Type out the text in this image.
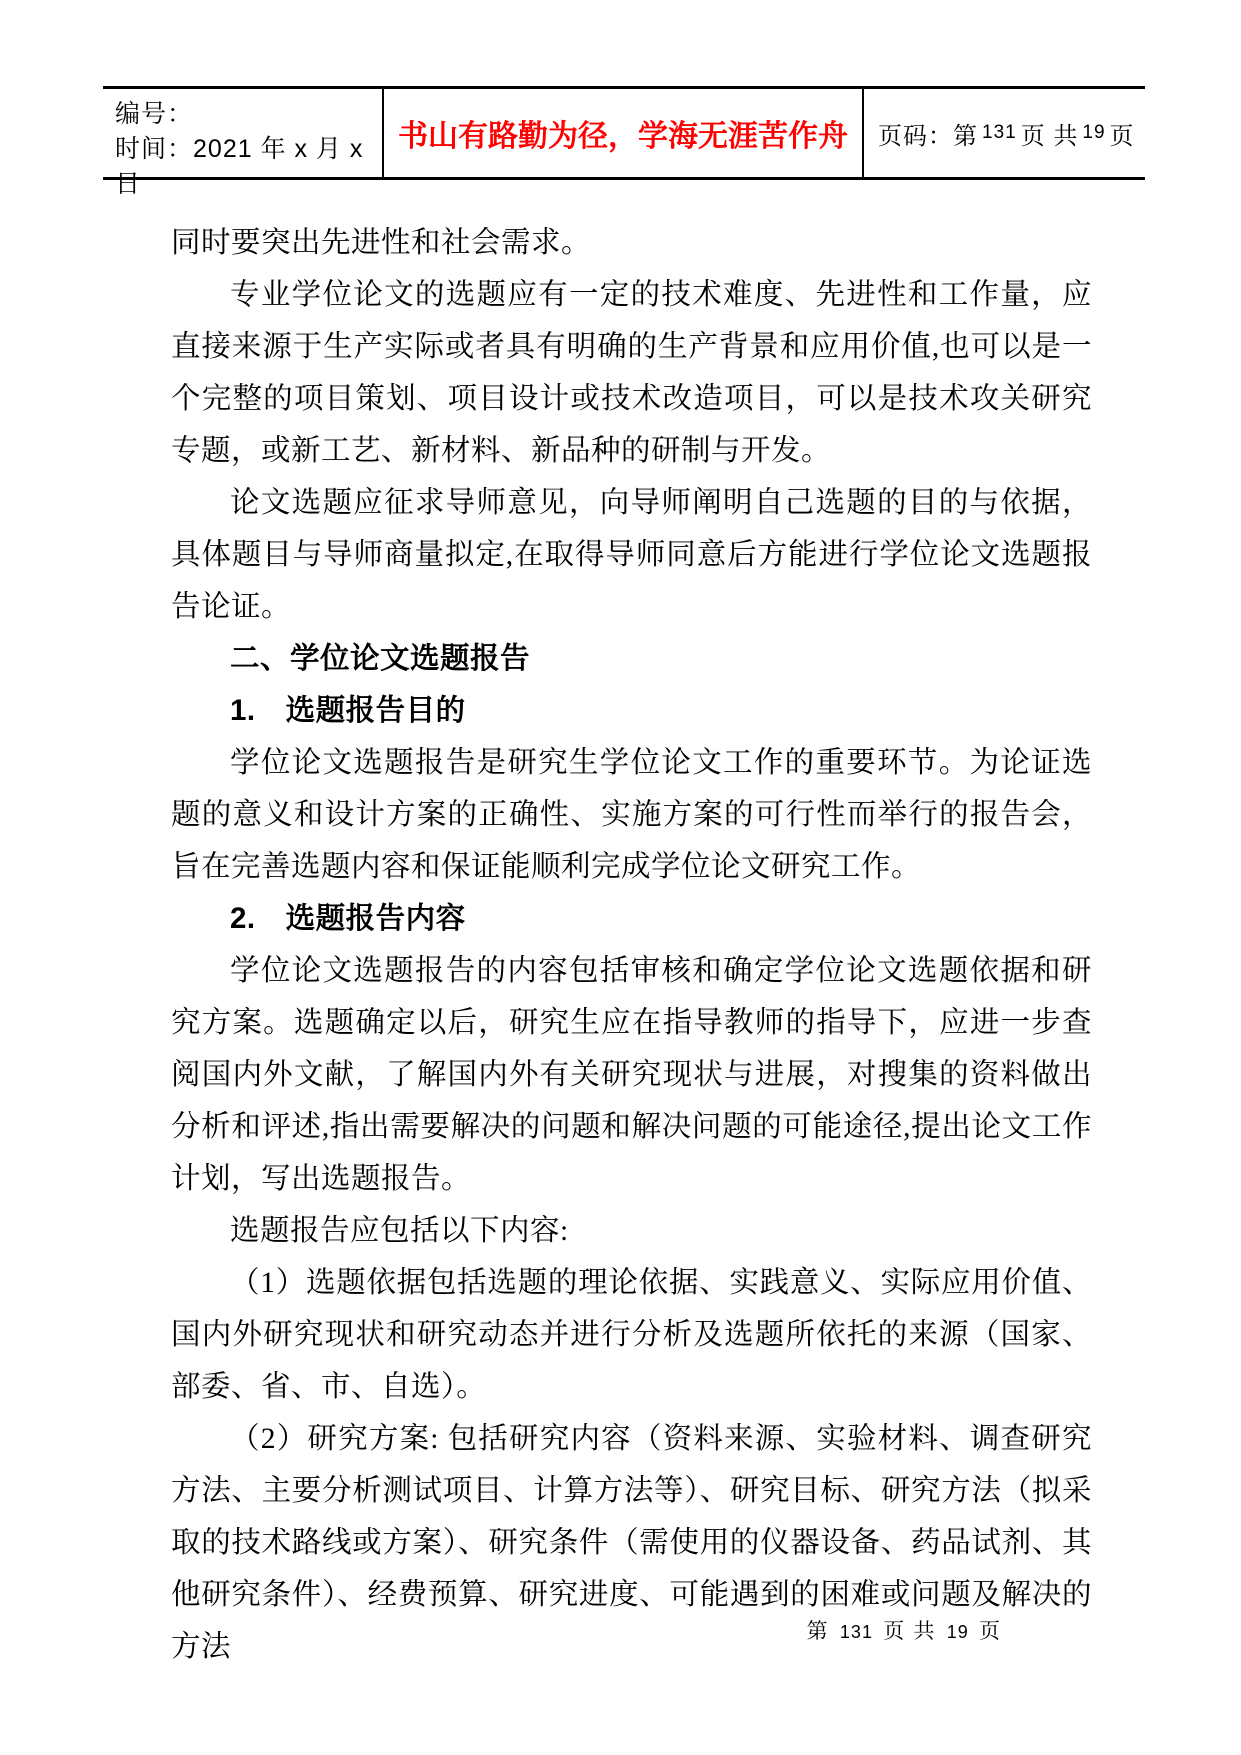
编号：
时间：2021 年 x 月 x 日
书山有路勤为径，学海无涯苦作舟 页码：第 131 页
共 19 页

同时要突出先进性和社会需求。

专业学位论文的选题应有一定的技术难度、先进性和工作量，应直接来源于生产实际或者具有明确的生产背景和应用价值,也可以是一个完整的项目策划、项目设计或技术改造项目，可以是技术攻关研究专题，或新工艺、新材料、新品种的研制与开发。

论文选题应征求导师意见，向导师阐明自己选题的目的与依据，具体题目与导师商量拟定,在取得导师同意后方能进行学位论文选题报告论证。

二、学位论文选题报告

1.　选题报告目的

学位论文选题报告是研究生学位论文工作的重要环节。为论证选题的意义和设计方案的正确性、实施方案的可行性而举行的报告会，旨在完善选题内容和保证能顺利完成学位论文研究工作。

2.　选题报告内容

学位论文选题报告的内容包括审核和确定学位论文选题依据和研究方案。选题确定以后，研究生应在指导教师的指导下，应进一步查阅国内外文献，了解国内外有关研究现状与进展，对搜集的资料做出分析和评述,指出需要解决的问题和解决问题的可能途径,提出论文工作计划，写出选题报告。

选题报告应包括以下内容:

（1）选题依据包括选题的理论依据、实践意义、实际应用价值、国内外研究现状和研究动态并进行分析及选题所依托的来源（国家、部委、省、市、自选）。

（2）研究方案: 包括研究内容（资料来源、实验材料、调查研究方法、主要分析测试项目、计算方法等）、研究目标、研究方法（拟采取的技术路线或方案）、研究条件（需使用的仪器设备、药品试剂、其他研究条件）、经费预算、研究进度、可能遇到的困难或问题及解决的方法	第 131 页 共 19 页
